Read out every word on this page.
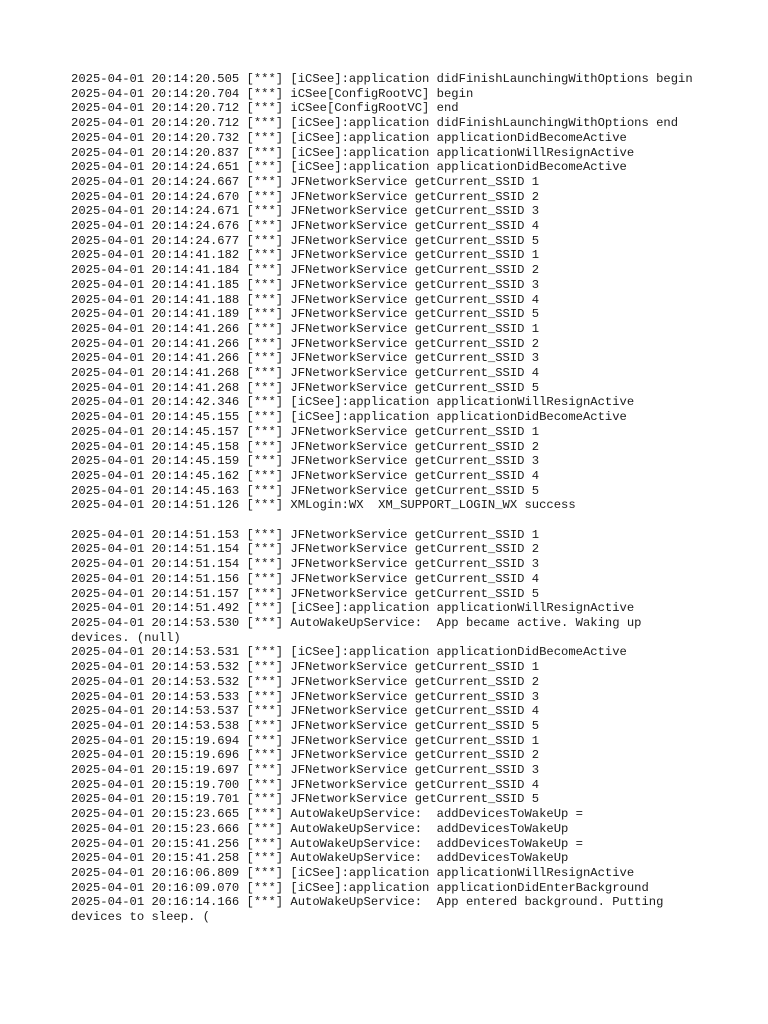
2025-04-01 20:14:20.505 [***] [iCSee]:application didFinishLaunchingWithOptions begin
2025-04-01 20:14:20.704 [***] iCSee[ConfigRootVC] begin
2025-04-01 20:14:20.712 [***] iCSee[ConfigRootVC] end
2025-04-01 20:14:20.712 [***] [iCSee]:application didFinishLaunchingWithOptions end
2025-04-01 20:14:20.732 [***] [iCSee]:application applicationDidBecomeActive
2025-04-01 20:14:20.837 [***] [iCSee]:application applicationWillResignActive
2025-04-01 20:14:24.651 [***] [iCSee]:application applicationDidBecomeActive
2025-04-01 20:14:24.667 [***] JFNetworkService getCurrent_SSID 1
2025-04-01 20:14:24.670 [***] JFNetworkService getCurrent_SSID 2
2025-04-01 20:14:24.671 [***] JFNetworkService getCurrent_SSID 3
2025-04-01 20:14:24.676 [***] JFNetworkService getCurrent_SSID 4
2025-04-01 20:14:24.677 [***] JFNetworkService getCurrent_SSID 5
2025-04-01 20:14:41.182 [***] JFNetworkService getCurrent_SSID 1
2025-04-01 20:14:41.184 [***] JFNetworkService getCurrent_SSID 2
2025-04-01 20:14:41.185 [***] JFNetworkService getCurrent_SSID 3
2025-04-01 20:14:41.188 [***] JFNetworkService getCurrent_SSID 4
2025-04-01 20:14:41.189 [***] JFNetworkService getCurrent_SSID 5
2025-04-01 20:14:41.266 [***] JFNetworkService getCurrent_SSID 1
2025-04-01 20:14:41.266 [***] JFNetworkService getCurrent_SSID 2
2025-04-01 20:14:41.266 [***] JFNetworkService getCurrent_SSID 3
2025-04-01 20:14:41.268 [***] JFNetworkService getCurrent_SSID 4
2025-04-01 20:14:41.268 [***] JFNetworkService getCurrent_SSID 5
2025-04-01 20:14:42.346 [***] [iCSee]:application applicationWillResignActive
2025-04-01 20:14:45.155 [***] [iCSee]:application applicationDidBecomeActive
2025-04-01 20:14:45.157 [***] JFNetworkService getCurrent_SSID 1
2025-04-01 20:14:45.158 [***] JFNetworkService getCurrent_SSID 2
2025-04-01 20:14:45.159 [***] JFNetworkService getCurrent_SSID 3
2025-04-01 20:14:45.162 [***] JFNetworkService getCurrent_SSID 4
2025-04-01 20:14:45.163 [***] JFNetworkService getCurrent_SSID 5
2025-04-01 20:14:51.126 [***] XMLogin:WX  XM_SUPPORT_LOGIN_WX success
2025-04-01 20:14:51.153 [***] JFNetworkService getCurrent_SSID 1
2025-04-01 20:14:51.154 [***] JFNetworkService getCurrent_SSID 2
2025-04-01 20:14:51.154 [***] JFNetworkService getCurrent_SSID 3
2025-04-01 20:14:51.156 [***] JFNetworkService getCurrent_SSID 4
2025-04-01 20:14:51.157 [***] JFNetworkService getCurrent_SSID 5
2025-04-01 20:14:51.492 [***] [iCSee]:application applicationWillResignActive
2025-04-01 20:14:53.530 [***] AutoWakeUpService:  App became active. Waking up devices. (null)
2025-04-01 20:14:53.531 [***] [iCSee]:application applicationDidBecomeActive
2025-04-01 20:14:53.532 [***] JFNetworkService getCurrent_SSID 1
2025-04-01 20:14:53.532 [***] JFNetworkService getCurrent_SSID 2
2025-04-01 20:14:53.533 [***] JFNetworkService getCurrent_SSID 3
2025-04-01 20:14:53.537 [***] JFNetworkService getCurrent_SSID 4
2025-04-01 20:14:53.538 [***] JFNetworkService getCurrent_SSID 5
2025-04-01 20:15:19.694 [***] JFNetworkService getCurrent_SSID 1
2025-04-01 20:15:19.696 [***] JFNetworkService getCurrent_SSID 2
2025-04-01 20:15:19.697 [***] JFNetworkService getCurrent_SSID 3
2025-04-01 20:15:19.700 [***] JFNetworkService getCurrent_SSID 4
2025-04-01 20:15:19.701 [***] JFNetworkService getCurrent_SSID 5
2025-04-01 20:15:23.665 [***] AutoWakeUpService:  addDevicesToWakeUp =
2025-04-01 20:15:23.666 [***] AutoWakeUpService:  addDevicesToWakeUp
2025-04-01 20:15:41.256 [***] AutoWakeUpService:  addDevicesToWakeUp =
2025-04-01 20:15:41.258 [***] AutoWakeUpService:  addDevicesToWakeUp
2025-04-01 20:16:06.809 [***] [iCSee]:application applicationWillResignActive
2025-04-01 20:16:09.070 [***] [iCSee]:application applicationDidEnterBackground
2025-04-01 20:16:14.166 [***] AutoWakeUpService:  App entered background. Putting devices to sleep. (
